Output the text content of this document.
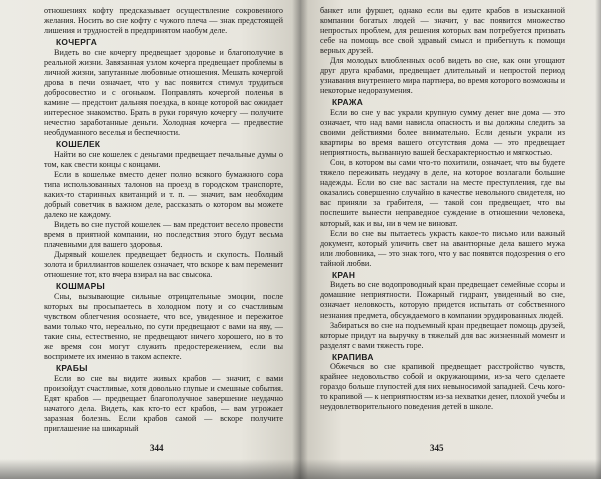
отношениях кофту предсказывает осуществление сокровенного желания. Носить во сне кофту с чужого плеча — знак предстоящей лишения и трудностей в предпринятом наобум деле.
КОЧЕРГА
Видеть во сне кочергу предвещает здоровье и благополучие в реальной жизни. Завязанная узлом кочерга предвещает проблемы в личной жизни, запутанные любовные отношения. Мешать кочергой дрова в печи означает, что у вас появится стимул трудиться добросовестно и с огоньком. Поправлять кочергой поленья в камине — предстоит дальняя поездка, в конце которой вас ожидает интересное знакомство. Брать в руки горячую кочергу — получите нечестно заработанные деньги. Холодная кочерга — предвестие необдуманного веселья и беспечности.
КОШЕЛЕК
Найти во сне кошелек с деньгами предвещает печальные думы о том, как свести концы с концами.
Если в кошельке вместо денег полно всякого бумажного сора типа использованных талонов на проезд в городском транспорте, каких-то старинных квитанций и т. п. — значит, вам необходим добрый советчик в важном деле, рассказать о котором вы можете далеко не каждому.
Видеть во сне пустой кошелек — вам предстоит весело провести время в приятной компании, но последствия этого будут весьма плачевными для вашего здоровья.
Дырявый кошелек предвещает бедность и скупость. Полный золота и бриллиантов кошелек означает, что вскоре к вам переменит отношение тот, кто вчера взирал на вас свысока.
КОШМАРЫ
Сны, вызывающие сильные отрицательные эмоции, после которых вы просыпаетесь в холодном поту и со счастливым чувством облегчения осознаете, что все, увиденное и пережитое вами только что, нереально, по сути предвещают с вами на яву, — такие сны, естественно, не предвещают ничего хорошего, но в то же время сон могут служить предостережением, если вы воспримете их именно в таком аспекте.
КРАБЫ
Если во сне вы видите живых крабов — значит, с вами произойдут счастливые, хотя довольно глупые и смешные события. Едят крабов — предвещает благополучное завершение неудачно начатого дела. Видеть, как кто-то ест крабов, — вам угрожает заразная болезнь. Если крабов самой — вскоре получите приглашение на шикарный
344
банкет или фуршет, однако если вы едите крабов в изысканной компании богатых людей — значит, у вас появится множество непростых проблем, для решения которых вам потребуется призвать себе на помощь все свой здравый смысл и прибегнуть к помощи верных друзей.
Для молодых влюбленных особ видеть во сне, как они угощают друг друга крабами, предвещает длительный и непростой период узнавания внутреннего мира партнера, во время которого возможны и некоторые недоразумения.
КРАЖА
Если во сне у вас украли крупную сумму денег вне дома — это означает, что над вами нависла опасность и вы должны следить за своими действиями более внимательно. Если деньги украли из квартиры во время вашего отсутствия дома — это предвещает неприятность, вызванную вашей бесхарактерностью и мягкостью.
Сон, в котором вы сами что-то похитили, означает, что вы будете тяжело переживать неудачу в деле, на которое возлагали большие надежды. Если во сне вас застали на месте преступления, где вы оказались совершенно случайно в качестве невольного свидетеля, но вас приняли за грабителя, — такой сон предвещает, что вы поспешите вынести неправедное суждение в отношении человека, который, как и вы, ни в чем не виноват.
Если во сне вы пытаетесь украсть какое-то письмо или важный документ, который уличить свет на авантюрные дела вашего мужа или любовника, — это знак того, что у вас появятся подозрения о его тайной любви.
КРАН
Видеть во сне водопроводный кран предвещает семейные ссоры и домашние неприятности. Пожарный гидрант, увиденный во сне, означает неловкость, которую придется испытать от собственного незнания предмета, обсуждаемого в компании эрудированных людей.
Забираться во сне на подъемный кран предвещает помощь друзей, которые придут на выручку в тяжелый для вас жизненный момент и разделят с вами тяжесть горе.
КРАПИВА
Обжечься во сне крапивой предвещает расстройство чувств, крайнее недовольство собой и окружающими, из-за чего сделаете гораздо больше глупостей для них невыносимой западней. Сечь кого-то крапивой — к неприятностям из-за нехватки денег, плохой учебы и неудовлетворительного поведения детей в школе.
345
